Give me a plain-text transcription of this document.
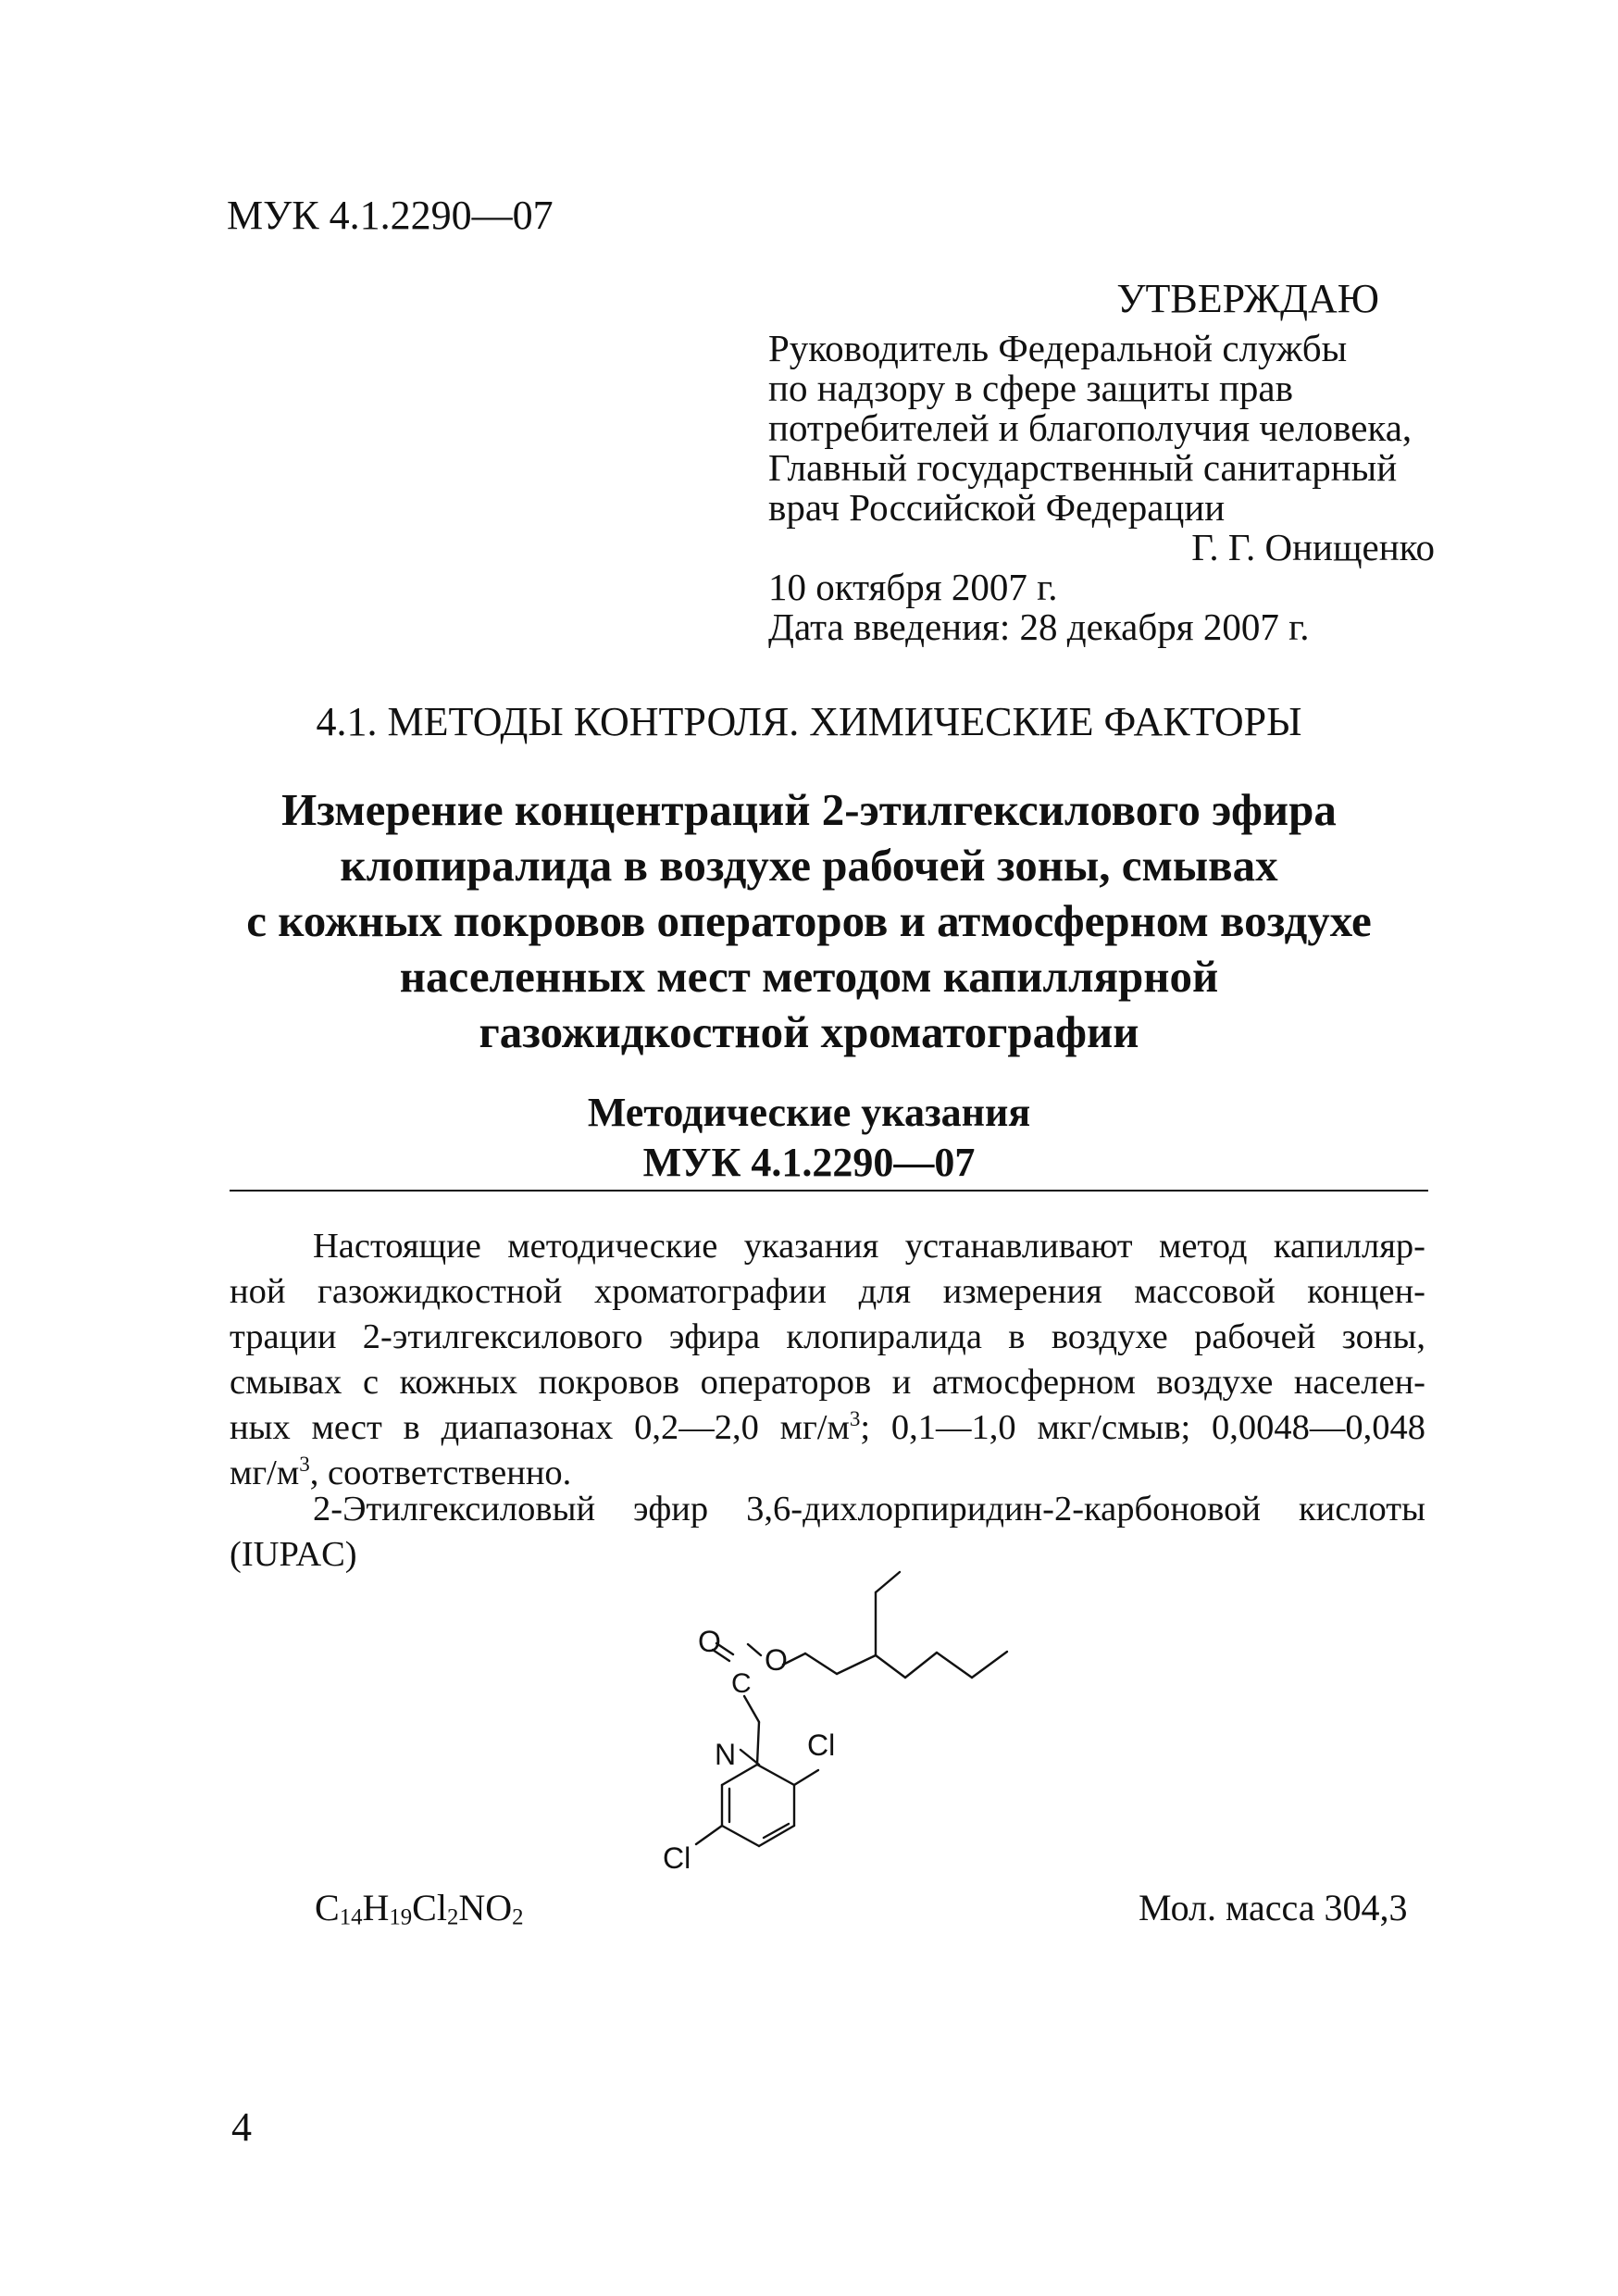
МУК 4.1.2290—07
УТВЕРЖДАЮ
Руководитель Федеральной службы
по надзору в сфере защиты прав
потребителей и благополучия человека,
Главный государственный санитарный
врач Российской Федерации
Г. Г. Онищенко
10 октября 2007 г.
Дата введения: 28 декабря 2007 г.
4.1. МЕТОДЫ КОНТРОЛЯ. ХИМИЧЕСКИЕ ФАКТОРЫ
Измерение концентраций 2-этилгексилового эфира
клопиралида в воздухе рабочей зоны, смывах
с кожных покровов операторов и атмосферном воздухе
населенных мест методом капиллярной
газожидкостной хроматографии
Методические указания
МУК 4.1.2290—07
Настоящие методические указания устанавливают метод капилляр-
ной газожидкостной хроматографии для измерения массовой концен-
трации 2-этилгексилового эфира клопиралида в воздухе рабочей зоны,
смывах с кожных покровов операторов и атмосферном воздухе населен-
ных мест в диапазонах 0,2—2,0 $мг/м^3$; 0,1—1,0 мкг/смыв; 0,0048—0,048
$мг/м^3$, соответственно.
2-Этилгексиловый эфир 3,6-дихлорпиридин-2-карбоновой кислоты
(IUPAC)
O
O
C
N Cl
Cl
$C_{14}H_{19}Cl_2NO_2$	Мол. масса 304,3
4
